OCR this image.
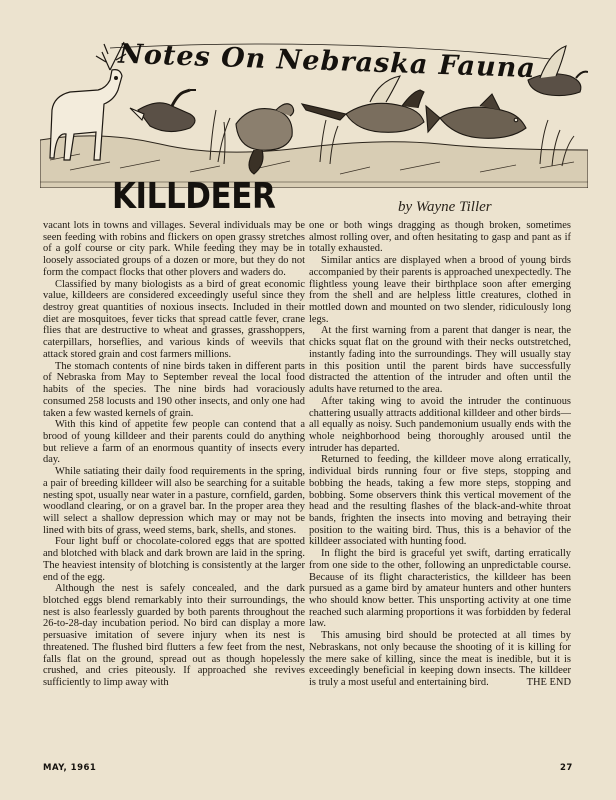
Notes On Nebraska Fauna
KILLDEER	by Wayne Tiller

vacant lots in towns and villages. Several individuals may be seen feeding with robins and flickers on open grassy stretches of a golf course or city park. While feeding they may be in loosely associated groups of a dozen or more, but they do not form the compact flocks that other plovers and waders do.

Classified by many biologists as a bird of great economic value, killdeers are considered exceedingly useful since they destroy great quantities of noxious insects. Included in their diet are mosquitoes, fever ticks that spread cattle fever, crane flies that are destructive to wheat and grasses, grasshoppers, caterpillars, horseflies, and various kinds of weevils that attack stored grain and cost farmers millions.

The stomach contents of nine birds taken in different parts of Nebraska from May to September reveal the local food habits of the species. The nine birds had voraciously consumed 258 locusts and 190 other insects, and only one had taken a few wasted kernels of grain.

With this kind of appetite few people can contend that a brood of young killdeer and their parents could do anything but relieve a farm of an enormous quantity of insects every day.

While satiating their daily food requirements in the spring, a pair of breeding killdeer will also be searching for a suitable nesting spot, usually near water in a pasture, cornfield, garden, woodland clearing, or on a gravel bar. In the proper area they will select a shallow depression which may or may not be lined with bits of grass, weed stems, bark, shells, and stones.

Four light buff or chocolate-colored eggs that are spotted and blotched with black and dark brown are laid in the spring. The heaviest intensity of blotching is consistently at the larger end of the egg.

Although the nest is safely concealed, and the dark blotched eggs blend remarkably into their surroundings, the nest is also fearlessly guarded by both parents throughout the 26-to-28-day incubation period. No bird can display a more persuasive imitation of severe injury when its nest is threatened. The flushed bird flutters a few feet from the nest, falls flat on the ground, spread out as though hopelessly crushed, and cries piteously. If approached she revives sufficiently to limp away with

one or both wings dragging as though broken, sometimes almost rolling over, and often hesitating to gasp and pant as if totally exhausted.

Similar antics are displayed when a brood of young birds accompanied by their parents is approached unexpectedly. The flightless young leave their birthplace soon after emerging from the shell and are helpless little creatures, clothed in mottled down and mounted on two slender, ridiculously long legs.

At the first warning from a parent that danger is near, the chicks squat flat on the ground with their necks outstretched, instantly fading into the surroundings. They will usually stay in this position until the parent birds have successfully distracted the attention of the intruder and often until the adults have returned to the area.

After taking wing to avoid the intruder the continuous chattering usually attracts additional killdeer and other birds—all equally as noisy. Such pandemonium usually ends with the whole neighborhood being thoroughly aroused until the intruder has departed.

Returned to feeding, the killdeer move along erratically, individual birds running four or five steps, stopping and bobbing the heads, taking a few more steps, stopping and bobbing. Some observers think this vertical movement of the head and the resulting flashes of the black-and-white throat bands, frighten the insects into moving and betraying their position to the waiting bird. Thus, this is a behavior of the killdeer associated with hunting food.

In flight the bird is graceful yet swift, darting erratically from one side to the other, following an unpredictable course. Because of its flight characteristics, the killdeer has been pursued as a game bird by amateur hunters and other hunters who should know better. This unsporting activity at one time reached such alarming proportions it was forbidden by federal law.

This amusing bird should be protected at all times by Nebraskans, not only because the shooting of it is killing for the mere sake of killing, since the meat is inedible, but it is exceedingly beneficial in keeping down insects. The killdeer is truly a most useful and entertaining bird.	THE END

MAY, 1961	27
